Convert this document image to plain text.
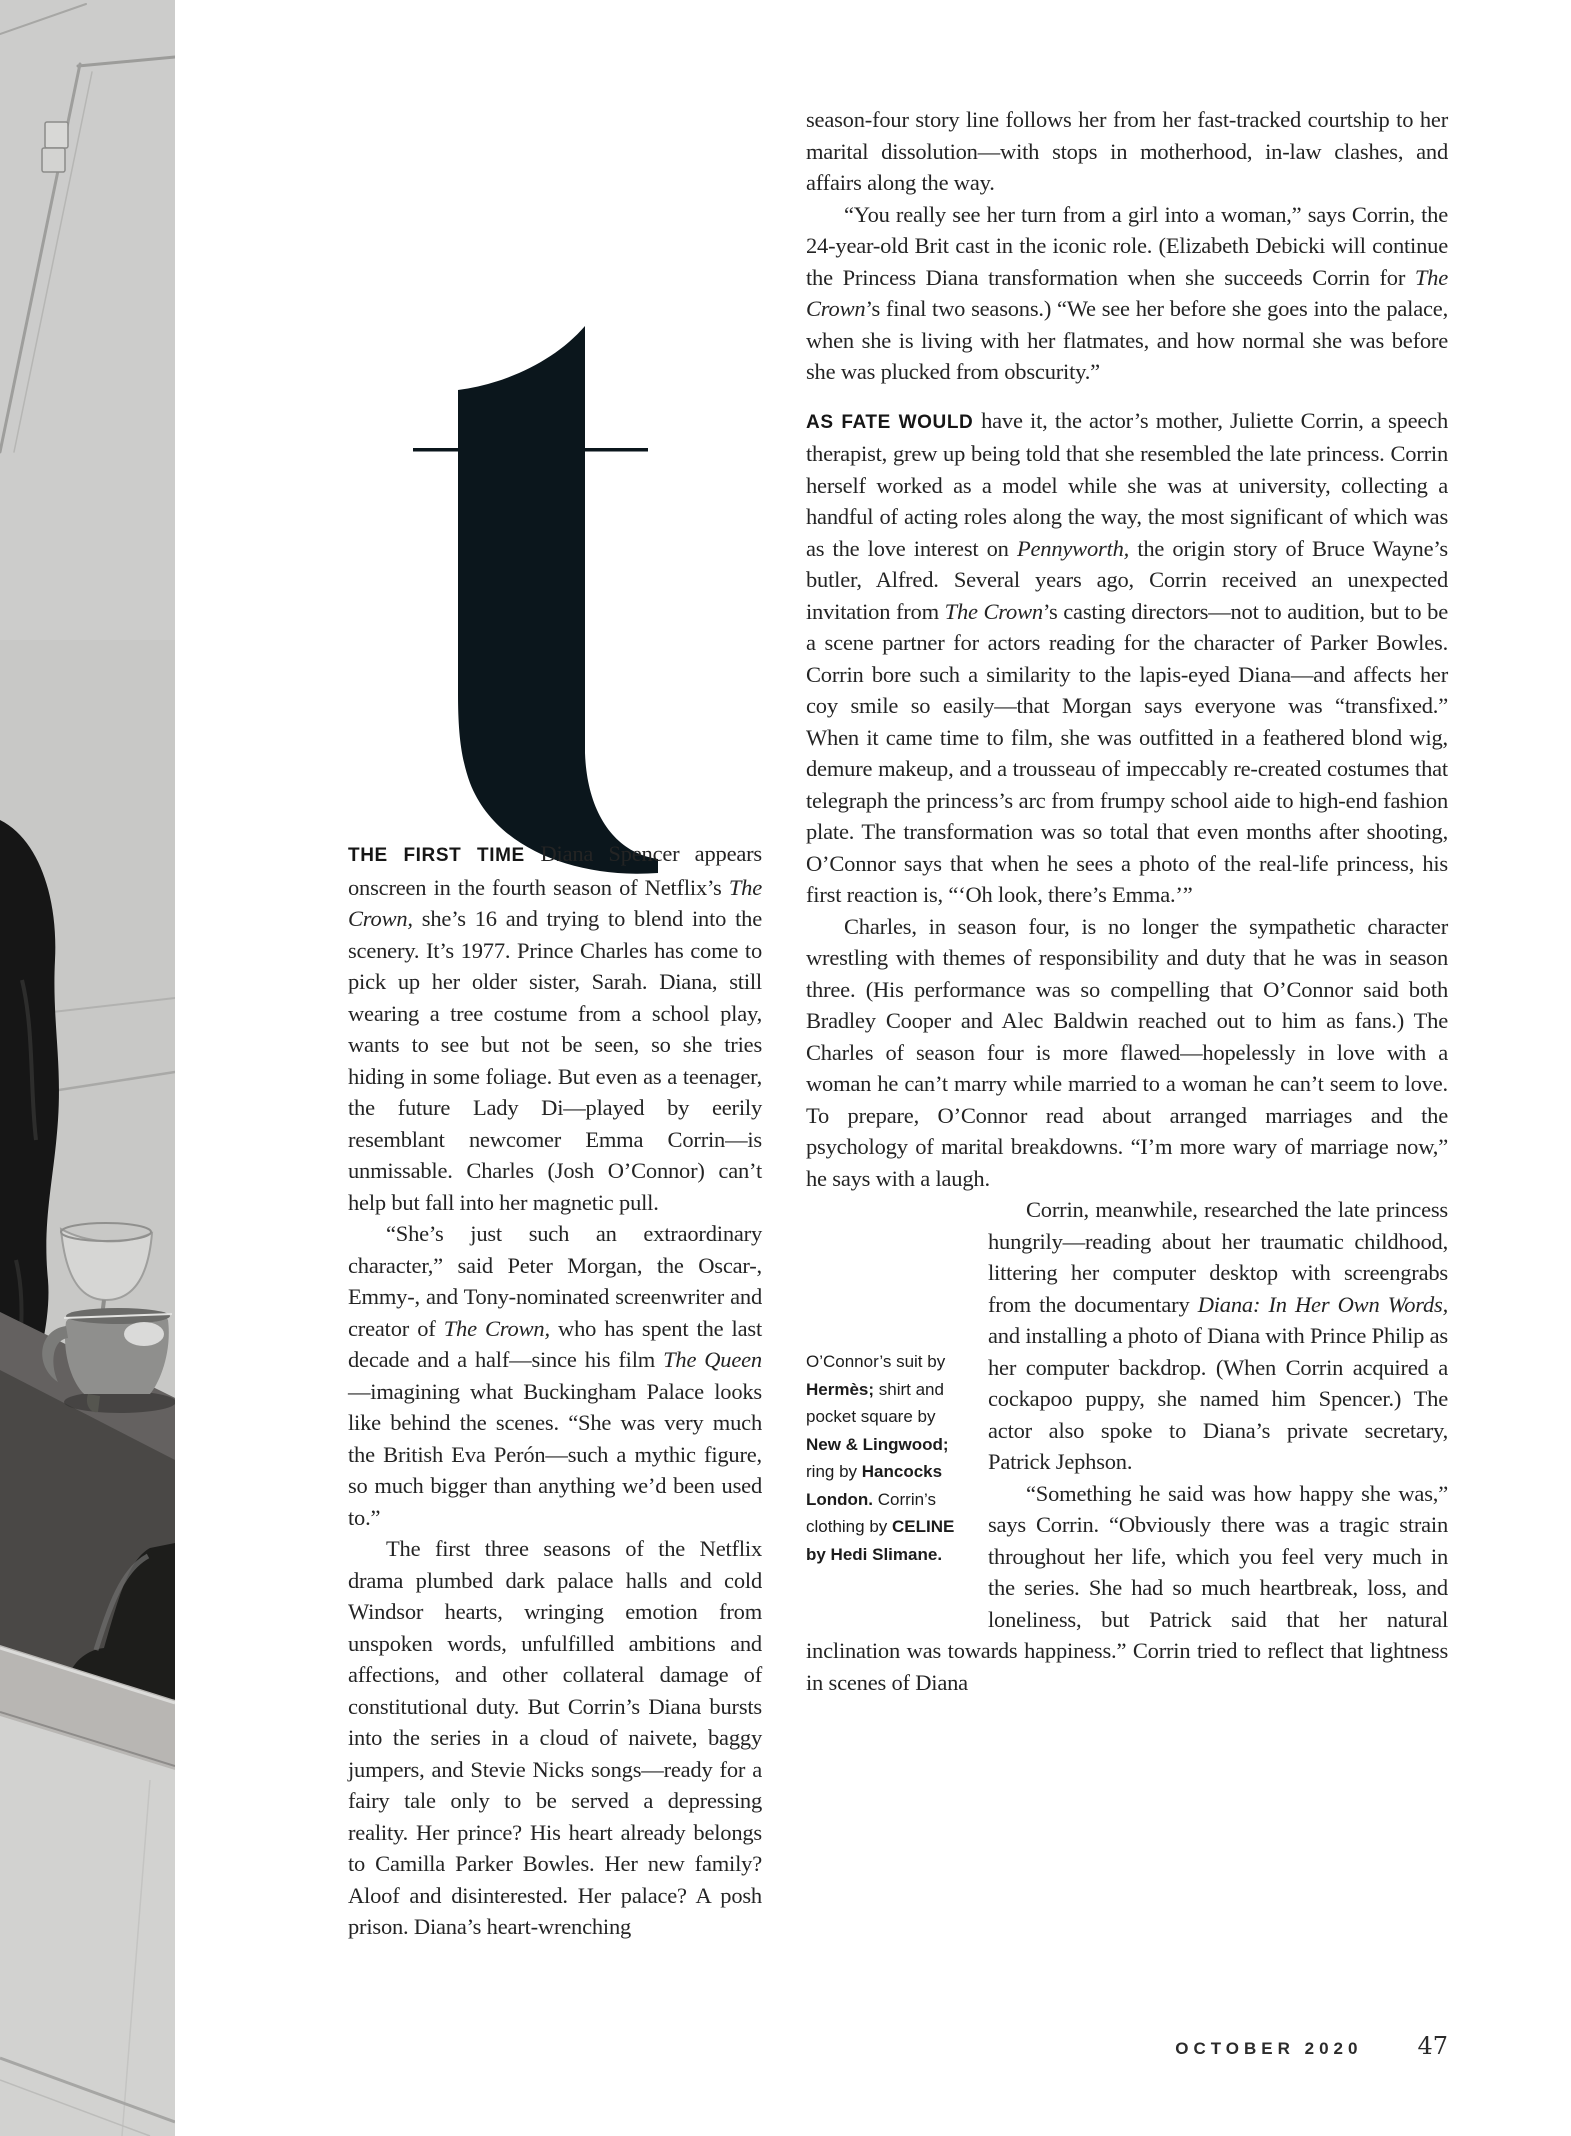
THE FIRST TIME Diana Spencer appears onscreen in the fourth season of Netflix’s The Crown, she’s 16 and trying to blend into the scenery. It’s 1977. Prince Charles has come to pick up her older sister, Sarah. Diana, still wearing a tree costume from a school play, wants to see but not be seen, so she tries hiding in some foliage. But even as a teenager, the future Lady Di—played by eerily resemblant newcomer Emma Corrin—is unmissable. Charles (Josh O’Connor) can’t help but fall into her magnetic pull.

“She’s just such an extraordinary character,” said Peter Morgan, the Oscar-, Emmy-, and Tony-nominated screenwriter and creator of The Crown, who has spent the last decade and a half—since his film The Queen—imagining what Buckingham Palace looks like behind the scenes. “She was very much the British Eva Perón—such a mythic figure, so much bigger than anything we’d been used to.”

The first three seasons of the Netflix drama plumbed dark palace halls and cold Windsor hearts, wringing emotion from unspoken words, unfulfilled ambitions and affections, and other collateral damage of constitutional duty. But Corrin’s Diana bursts into the series in a cloud of naivete, baggy jumpers, and Stevie Nicks songs—ready for a fairy tale only to be served a depressing reality. Her prince? His heart already belongs to Camilla Parker Bowles. Her new family? Aloof and disinterested. Her palace? A posh prison. Diana’s heart-wrenching

season-four story line follows her from her fast-tracked courtship to her marital dissolution—with stops in motherhood, in-law clashes, and affairs along the way.

“You really see her turn from a girl into a woman,” says Corrin, the 24-year-old Brit cast in the iconic role. (Elizabeth Debicki will continue the Princess Diana transformation when she succeeds Corrin for The Crown’s final two seasons.) “We see her before she goes into the palace, when she is living with her flatmates, and how normal she was before she was plucked from obscurity.”

AS FATE WOULD have it, the actor’s mother, Juliette Corrin, a speech therapist, grew up being told that she resembled the late princess. Corrin herself worked as a model while she was at university, collecting a handful of acting roles along the way, the most significant of which was as the love interest on Pennyworth, the origin story of Bruce Wayne’s butler, Alfred. Several years ago, Corrin received an unexpected invitation from The Crown’s casting directors—not to audition, but to be a scene partner for actors reading for the character of Parker Bowles. Corrin bore such a similarity to the lapis-eyed Diana—and affects her coy smile so easily—that Morgan says everyone was “transfixed.” When it came time to film, she was outfitted in a feathered blond wig, demure makeup, and a trousseau of impeccably re-created costumes that telegraph the princess’s arc from frumpy school aide to high-end fashion plate. The transformation was so total that even months after shooting, O’Connor says that when he sees a photo of the real-life princess, his first reaction is, “‘Oh look, there’s Emma.’”

Charles, in season four, is no longer the sympathetic character wrestling with themes of responsibility and duty that he was in season three. (His performance was so compelling that O’Connor said both Bradley Cooper and Alec Baldwin reached out to him as fans.) The Charles of season four is more flawed—hopelessly in love with a woman he can’t marry while married to a woman he can’t seem to love. To prepare, O’Connor read about arranged marriages and the psychology of marital breakdowns. “I’m more wary of marriage now,” he says with a laugh.

O’Connor’s suit by Hermès; shirt and pocket square by New & Lingwood; ring by Hancocks London. Corrin’s clothing by CELINE by Hedi Slimane.

Corrin, meanwhile, researched the late princess hungrily—reading about her traumatic childhood, littering her computer desktop with screengrabs from the documentary Diana: In Her Own Words, and installing a photo of Diana with Prince Philip as her computer backdrop. (When Corrin acquired a cockapoo puppy, she named him Spencer.) The actor also spoke to Diana’s private secretary, Patrick Jephson.

“Something he said was how happy she was,” says Corrin. “Obviously there was a tragic strain throughout her life, which you feel very much in the series. She had so much heartbreak, loss, and loneliness, but Patrick said that her natural inclination was towards happiness.” Corrin tried to reflect that lightness in scenes of Diana

OCTOBER 2020 47
